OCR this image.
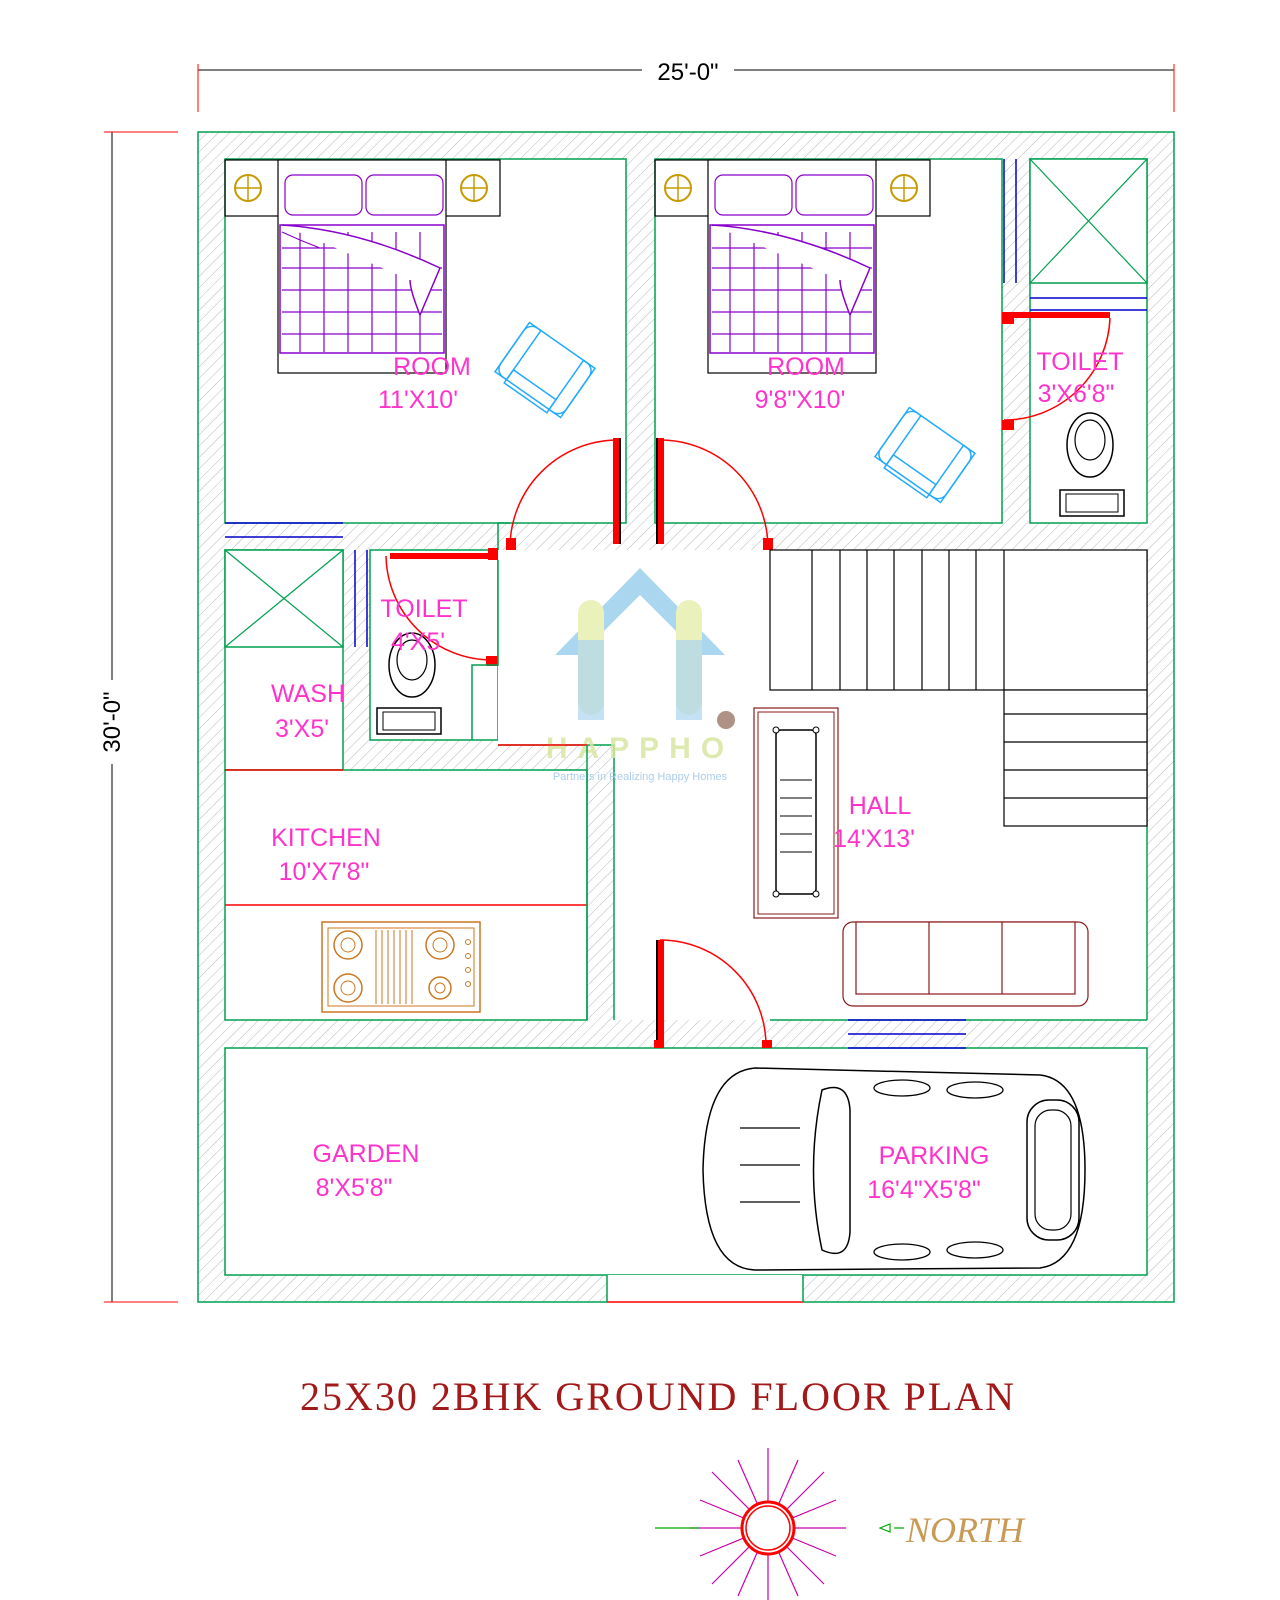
25'-0"
30'-0"	HAPPHO
Partners in Realizing Happy Homes
ROOM
11'X10'
ROOM
9'8"X10'
TOILET
3'X6'8"
WASH
3'X5'
TOILET
4'X5'
KITCHEN
10'X7'8"
HALL
14'X13'
PARKING
16'4"X5'8"
GARDEN
8'X5'8"
25X30 2BHK GROUND FLOOR PLAN
NORTH
